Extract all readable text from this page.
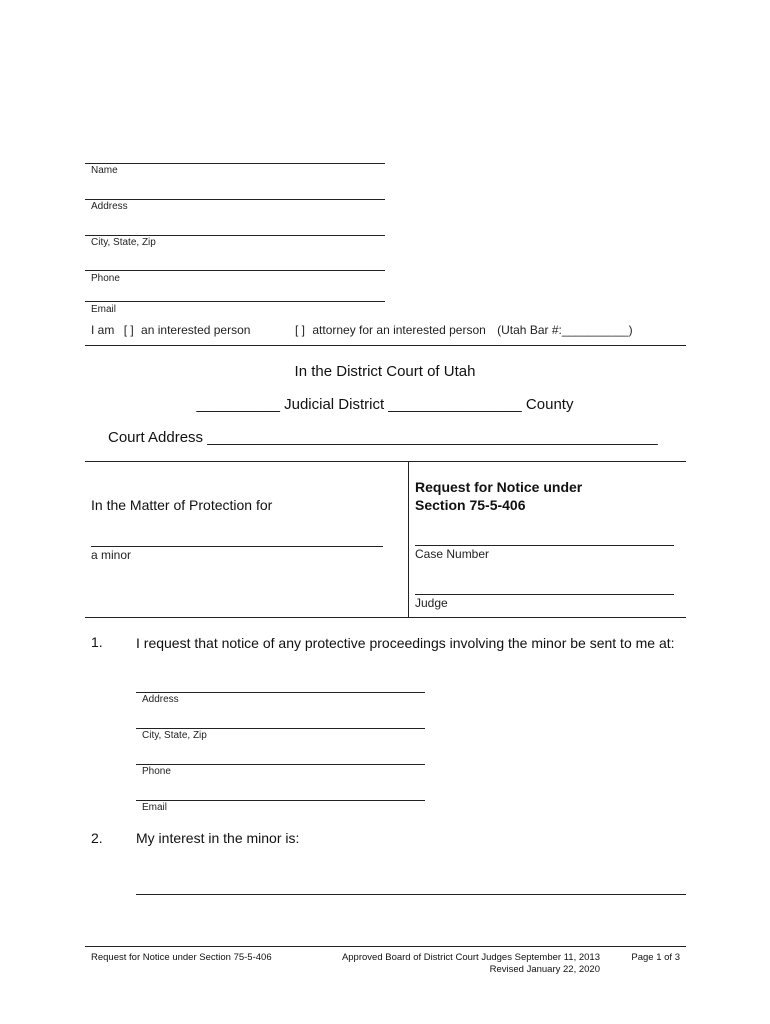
Name
Address
City, State, Zip
Phone
Email
I am [ ] an interested person	[ ] attorney for an interested person (Utah Bar #:__________)
In the District Court of Utah
__________ Judicial District ________________ County
Court Address ______________________________________________________
In the Matter of Protection for
a minor
Request for Notice under
Section 75-5-406
Case Number
Judge
1. I request that notice of any protective proceedings involving the minor be sent to me at:
Address
City, State, Zip
Phone
Email
2. My interest in the minor is:
Request for Notice under Section 75-5-406	Approved Board of District Court Judges September 11, 2013
Revised January 22, 2020
Page 1 of 3
